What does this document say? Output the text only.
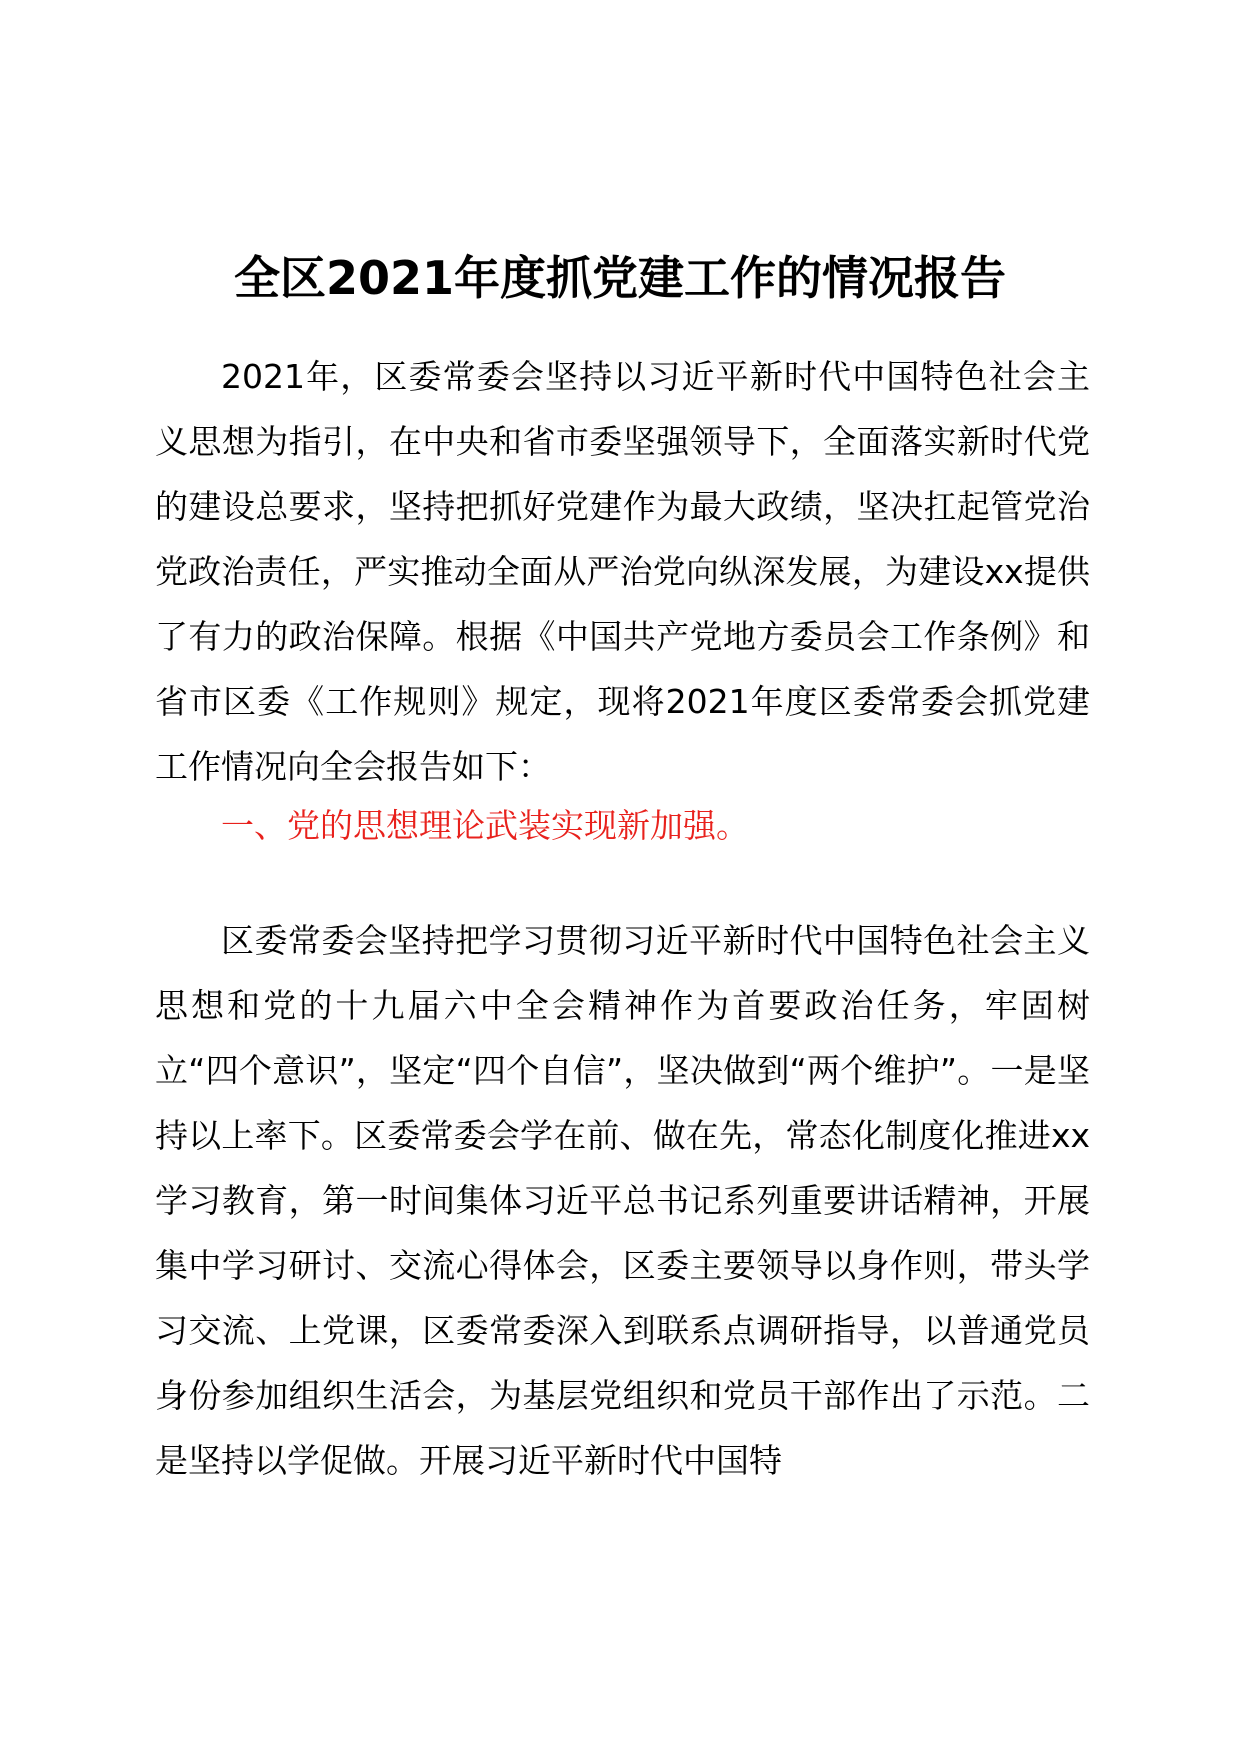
全区2021年度抓党建工作的情况报告

2021年，区委常委会坚持以习近平新时代中国特色社会主义思想为指引，在中央和省市委坚强领导下，全面落实新时代党的建设总要求，坚持把抓好党建作为最大政绩，坚决扛起管党治党政治责任，严实推动全面从严治党向纵深发展，为建设xx提供了有力的政治保障。根据《中国共产党地方委员会工作条例》和省市区委《工作规则》规定，现将2021年度区委常委会抓党建工作情况向全会报告如下：

一、党的思想理论武装实现新加强。

区委常委会坚持把学习贯彻习近平新时代中国特色社会主义思想和党的十九届六中全会精神作为首要政治任务，牢固树立“四个意识”，坚定“四个自信”，坚决做到“两个维护”。一是坚持以上率下。区委常委会学在前、做在先，常态化制度化推进xx学习教育，第一时间集体习近平总书记系列重要讲话精神，开展集中学习研讨、交流心得体会，区委主要领导以身作则，带头学习交流、上党课，区委常委深入到联系点调研指导，以普通党员身份参加组织生活会，为基层党组织和党员干部作出了示范。二是坚持以学促做。开展习近平新时代中国特
